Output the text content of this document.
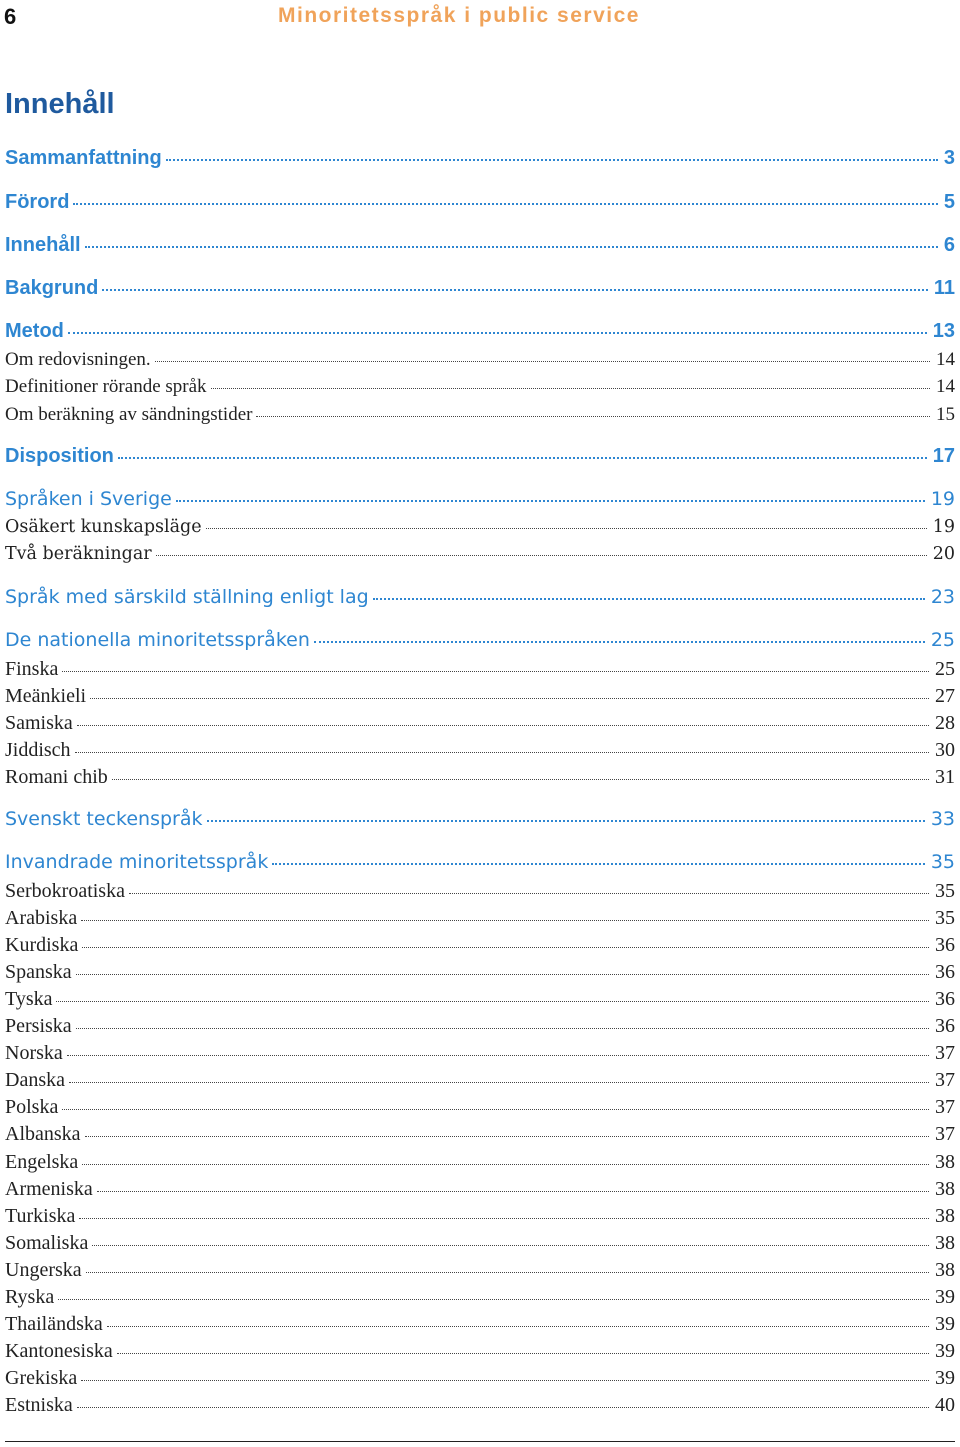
6	Minoritetsspråk i public service
Innehåll
Sammanfattning	3
Förord	5
Innehåll	6
Bakgrund	11
Metod	13
Om redovisningen.	14
Definitioner rörande språk	14
Om beräkning av sändningstider	15
Disposition	17
Språken i Sverige	19
Osäkert kunskapsläge	19
Två beräkningar	20
Språk med särskild ställning enligt lag	23
De nationella minoritetsspråken	25
Finska	25
Meänkieli	27
Samiska	28
Jiddisch	30
Romani chib	31
Svenskt teckenspråk	33
Invandrade minoritetsspråk	35
Serbokroatiska	35
Arabiska	35
Kurdiska	36
Spanska	36
Tyska	36
Persiska	36
Norska	37
Danska	37
Polska	37
Albanska	37
Engelska	38
Armeniska	38
Turkiska	38
Somaliska	38
Ungerska	38
Ryska	39
Thailändska	39
Kantonesiska	39
Grekiska	39
Estniska	40
